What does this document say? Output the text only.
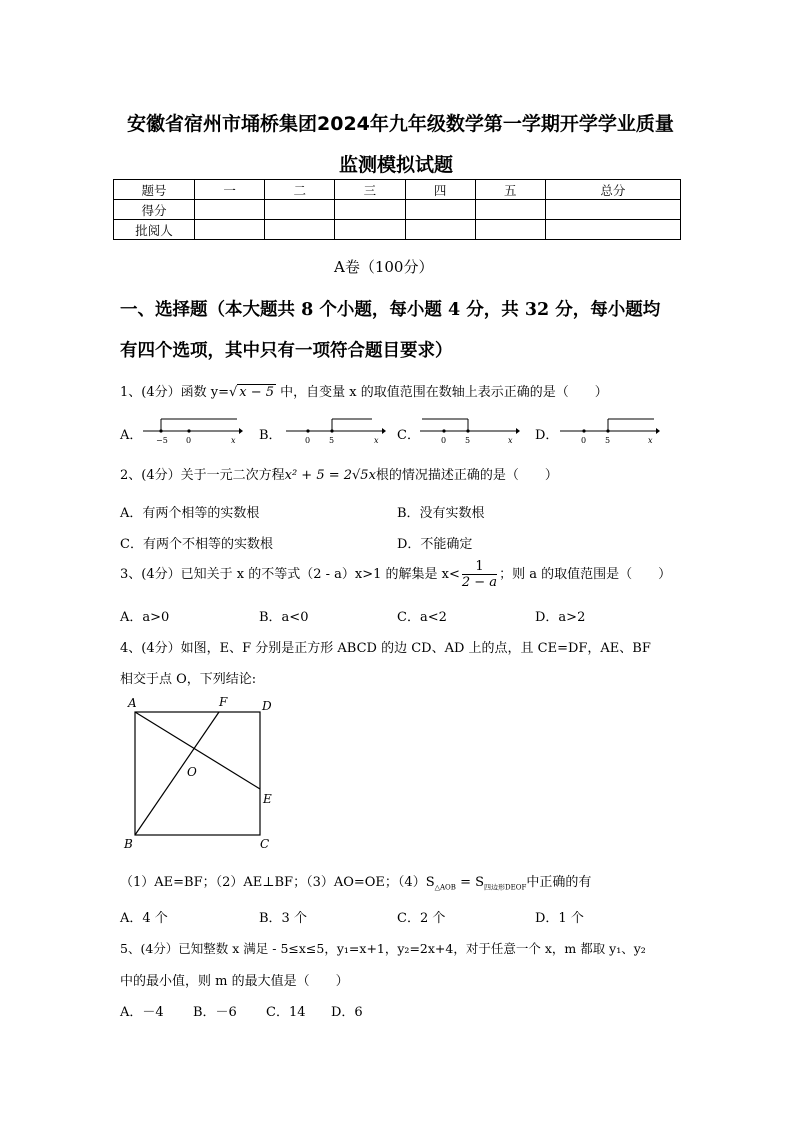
安徽省宿州市埇桥集团2024年九年级数学第一学期开学学业质量
监测模拟试题
题号	一	二	三	四	五	总分
得分						
批阅人						
A卷（100分）
一、选择题（本大题共 8 个小题，每小题 4 分，共 32 分，每小题均
有四个选项，其中只有一项符合题目要求）
1、(4分）函数 y=√ x − 5 中，自变量 x 的取值范围在数轴上表示正确的是（　　）
A． −5 0	x B．	0 5	x C．	0 5	x D．	0 5	x
2、(4分）关于一元二次方程x² + 5 = 2√5x根的情况描述正确的是（　　）
A．有两个相等的实数根	B．没有实数根
C．有两个不相等的实数根	D．不能确定
3、(4分）已知关于 x 的不等式（2 - a）x>1 的解集是 $x< \frac{1}{2 - a}$ ；则 a 的取值范围是（　　）
A．a>0	B．a<0	C．a<2	D．a>2
4、(4分）如图，E、F 分别是正方形 ABCD 的边 CD、AD 上的点，且 CE=DF，AE、BF
相交于点 O，下列结论:
A	F	D
O
E
B	C
（1）AE=BF；（2）AE⊥BF；（3）AO=OE；$(4)S_{\triangle AOB} = S_{四边形DEOF}$中正确的有
A．4 个	B．3 个	C．2 个	D．1 个
5、(4分）已知整数 x 满足 - 5≤x≤5，y₁=x+1，y₂=2x+4，对于任意一个 x，m 都取 y₁、y₂
中的最小值，则 m 的最大值是（　　）
A．－4 B．－6 C．14 D．6
